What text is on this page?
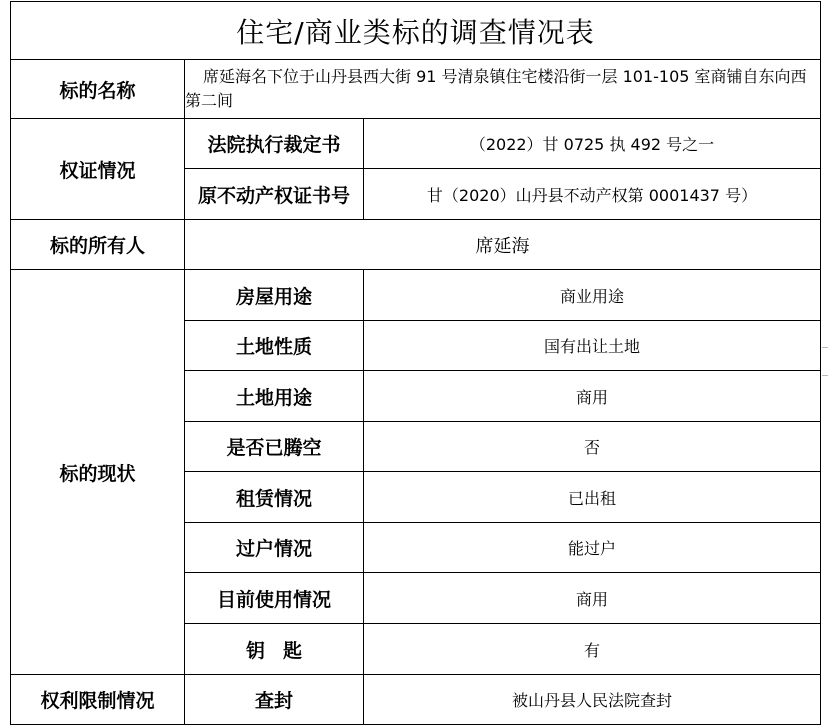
住宅/商业类标的调查情况表		
标的名称	席延海名下位于山丹县西大街 91 号清泉镇住宅楼沿街一层 101-105 室商铺自东向西第二间	
权证情况	法院执行裁定书	（2022）甘 0725 执 492 号之一
	原不动产权证书号	甘（2020）山丹县不动产权第 0001437 号）
标的所有人	席延海	
标的现状	房屋用途	商业用途
	土地性质	国有出让土地
	土地用途	商用
	是否已腾空	否
	租赁情况	已出租
	过户情况	能过户
	目前使用情况	商用
	钥匙	有
权利限制情况	查封	被山丹县人民法院查封
